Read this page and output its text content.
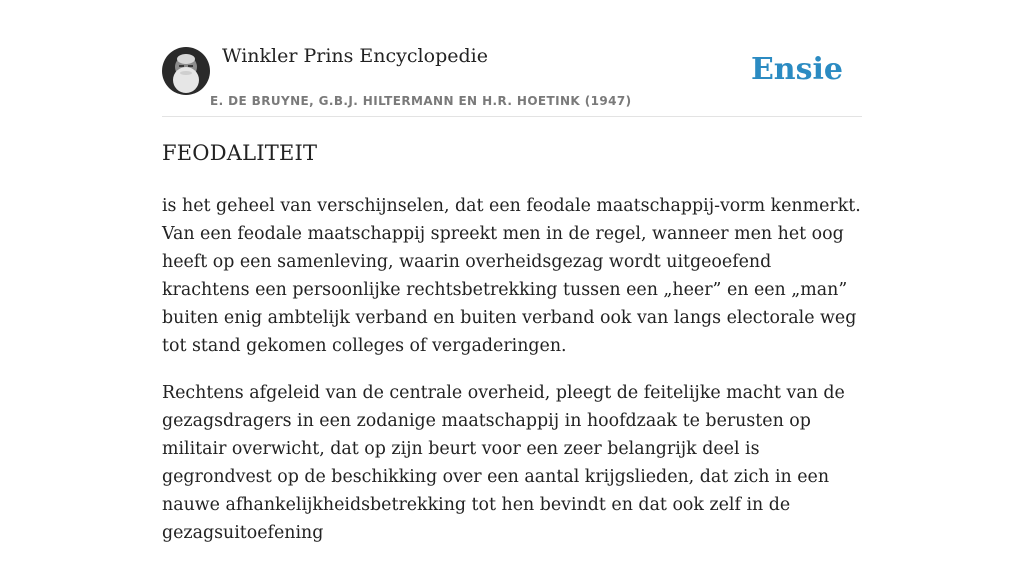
Winkler Prins Encyclopedie
E. DE BRUYNE, G.B.J. HILTERMANN EN H.R. HOETINK (1947)
Ensie
FEODALITEIT

is het geheel van verschijnselen, dat een feodale maatschappij-vorm kenmerkt. Van een feodale maatschappij spreekt men in de regel, wanneer men het oog heeft op een samenleving, waarin overheidsgezag wordt uitgeoefend krachtens een persoonlijke rechtsbetrekking tussen een „heer” en een „man” buiten enig ambtelijk verband en buiten verband ook van langs electorale weg tot stand gekomen colleges of vergaderingen.

Rechtens afgeleid van de centrale overheid, pleegt de feitelijke macht van de gezagsdragers in een zodanige maatschappij in hoofdzaak te berusten op militair overwicht, dat op zijn beurt voor een zeer belangrijk deel is gegrondvest op de beschikking over een aantal krijgslieden, dat zich in een nauwe afhankelijkheidsbetrekking tot hen bevindt en dat ook zelf in de gezagsuitoefening
